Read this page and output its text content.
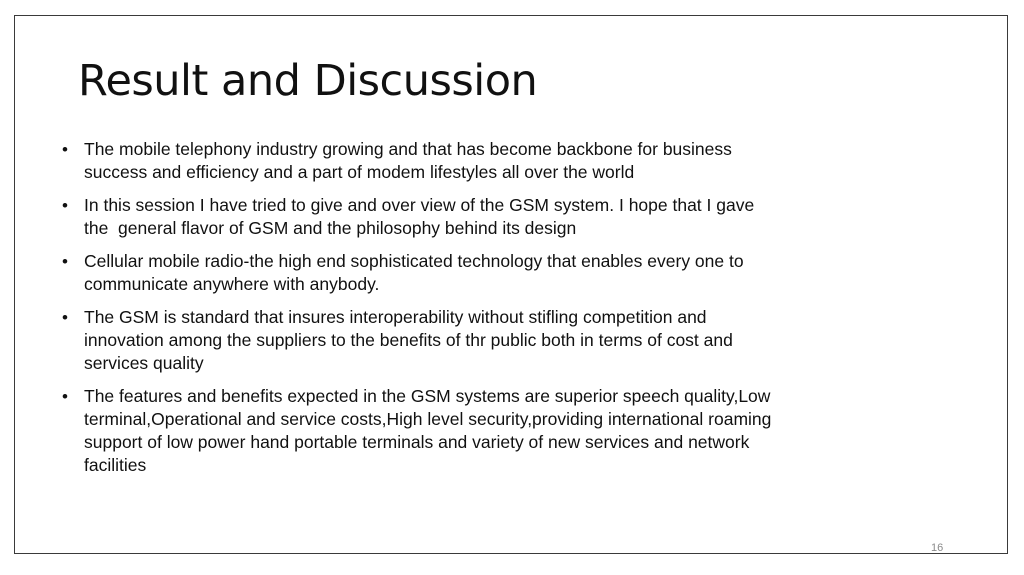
Result and Discussion
• The mobile telephony industry growing and that has become backbone for business success and efficiency and a part of modem lifestyles all over the world
• In this session I have tried to give and over view of the GSM system. I hope that I gave the  general flavor of GSM and the philosophy behind its design
• Cellular mobile radio-the high end sophisticated technology that enables every one to communicate anywhere with anybody.
• The GSM is standard that insures interoperability without stifling competition and innovation among the suppliers to the benefits of thr public both in terms of cost and services quality
• The features and benefits expected in the GSM systems are superior speech quality,Low terminal,Operational and service costs,High level security,providing international roaming support of low power hand portable terminals and variety of new services and network facilities
16
